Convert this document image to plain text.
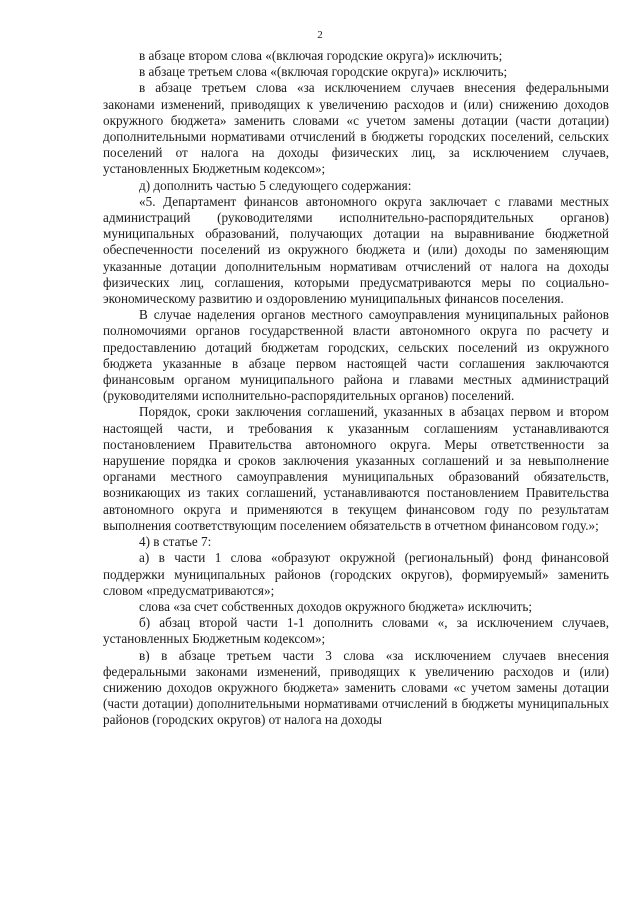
2

в абзаце втором слова «(включая городские округа)» исключить;

в абзаце третьем слова «(включая городские округа)» исключить;

в абзаце третьем слова «за исключением случаев внесения федеральными законами изменений, приводящих к увеличению расходов и (или) снижению доходов окружного бюджета» заменить словами «с учетом замены дотации (части дотации) дополнительными нормативами отчислений в бюджеты городских поселений, сельских поселений от налога на доходы физических лиц, за исключением случаев, установленных Бюджетным кодексом»;

д) дополнить частью 5 следующего содержания:

«5. Департамент финансов автономного округа заключает с главами местных администраций (руководителями исполнительно-распорядительных органов) муниципальных образований, получающих дотации на выравнивание бюджетной обеспеченности поселений из окружного бюджета и (или) доходы по заменяющим указанные дотации дополнительным нормативам отчислений от налога на доходы физических лиц, соглашения, которыми предусматриваются меры по социально-экономическому развитию и оздоровлению муниципальных финансов поселения.

В случае наделения органов местного самоуправления муниципальных районов полномочиями органов государственной власти автономного округа по расчету и предоставлению дотаций бюджетам городских, сельских поселений из окружного бюджета указанные в абзаце первом настоящей части соглашения заключаются финансовым органом муниципального района и главами местных администраций (руководителями исполнительно-распорядительных органов) поселений.

Порядок, сроки заключения соглашений, указанных в абзацах первом и втором настоящей части, и требования к указанным соглашениям устанавливаются постановлением Правительства автономного округа. Меры ответственности за нарушение порядка и сроков заключения указанных соглашений и за невыполнение органами местного самоуправления муниципальных образований обязательств, возникающих из таких соглашений, устанавливаются постановлением Правительства автономного округа и применяются в текущем финансовом году по результатам выполнения соответствующим поселением обязательств в отчетном финансовом году.»;

4) в статье 7:

а) в части 1 слова «образуют окружной (региональный) фонд финансовой поддержки муниципальных районов (городских округов), формируемый» заменить словом «предусматриваются»;

слова «за счет собственных доходов окружного бюджета» исключить;

б) абзац второй части 1-1 дополнить словами «, за исключением случаев, установленных Бюджетным кодексом»;

в) в абзаце третьем части 3 слова «за исключением случаев внесения федеральными законами изменений, приводящих к увеличению расходов и (или) снижению доходов окружного бюджета» заменить словами «с учетом замены дотации (части дотации) дополнительными нормативами отчислений в бюджеты муниципальных районов (городских округов) от налога на доходы
